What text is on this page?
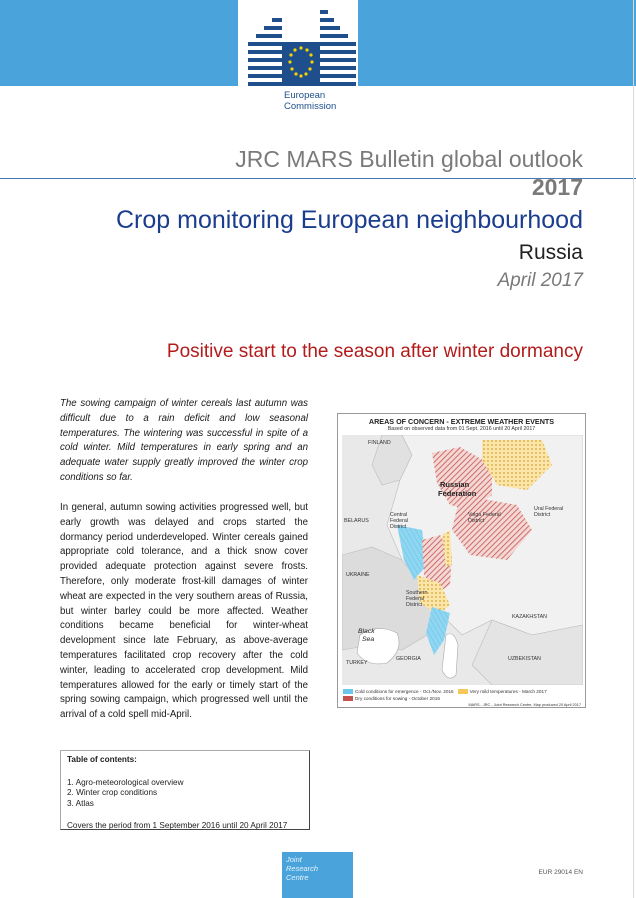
European
Commission
JRC MARS Bulletin global outlook
2017
Crop monitoring European neighbourhood
Russia
April 2017
Positive start to the season after winter dormancy

The sowing campaign of winter cereals last autumn was difficult due to a rain deficit and low seasonal temperatures. The wintering was successful in spite of a cold winter. Mild temperatures in early spring and an adequate water supply greatly improved the winter crop conditions so far.

In general, autumn sowing activities progressed well, but early growth was delayed and crops started the dormancy period underdeveloped. Winter cereals gained appropriate cold tolerance, and a thick snow cover provided adequate protection against severe frosts. Therefore, only moderate frost-kill damages of winter wheat are expected in the very southern areas of Russia, but winter barley could be more affected. Weather conditions became beneficial for winter-wheat development since late February, as above-average temperatures facilitated crop recovery after the cold winter, leading to accelerated crop development. Mild temperatures allowed for the early or timely start of the spring sowing campaign, which progressed well until the arrival of a cold spell mid-April.

Table of contents:
1. Agro-meteorological overview
2. Winter crop conditions
3. Atlas
Covers the period from 1 September 2016 until 20 April 2017
AREAS OF CONCERN - EXTREME WEATHER EVENTS
Based on observed data from 01 Sept. 2016 until 20 April 2017
FINLAND
Russian
Federation
BELARUS
UKRAINE
KAZAKHSTAN
Black
Sea
TURKEY
GEORGIA	UZBEKISTAN
Central Federal District
Volga Federal District
Ural Federal District
Southern Federal District
Cold conditions for emergence - Oct./Nov. 2016	Very mild temperatures - March 2017
Dry conditions for sowing - October 2016
MARS - JRC - Joint Research Centre, Map produced 20 April 2017
Joint
Research
Centre
EUR 29014 EN
